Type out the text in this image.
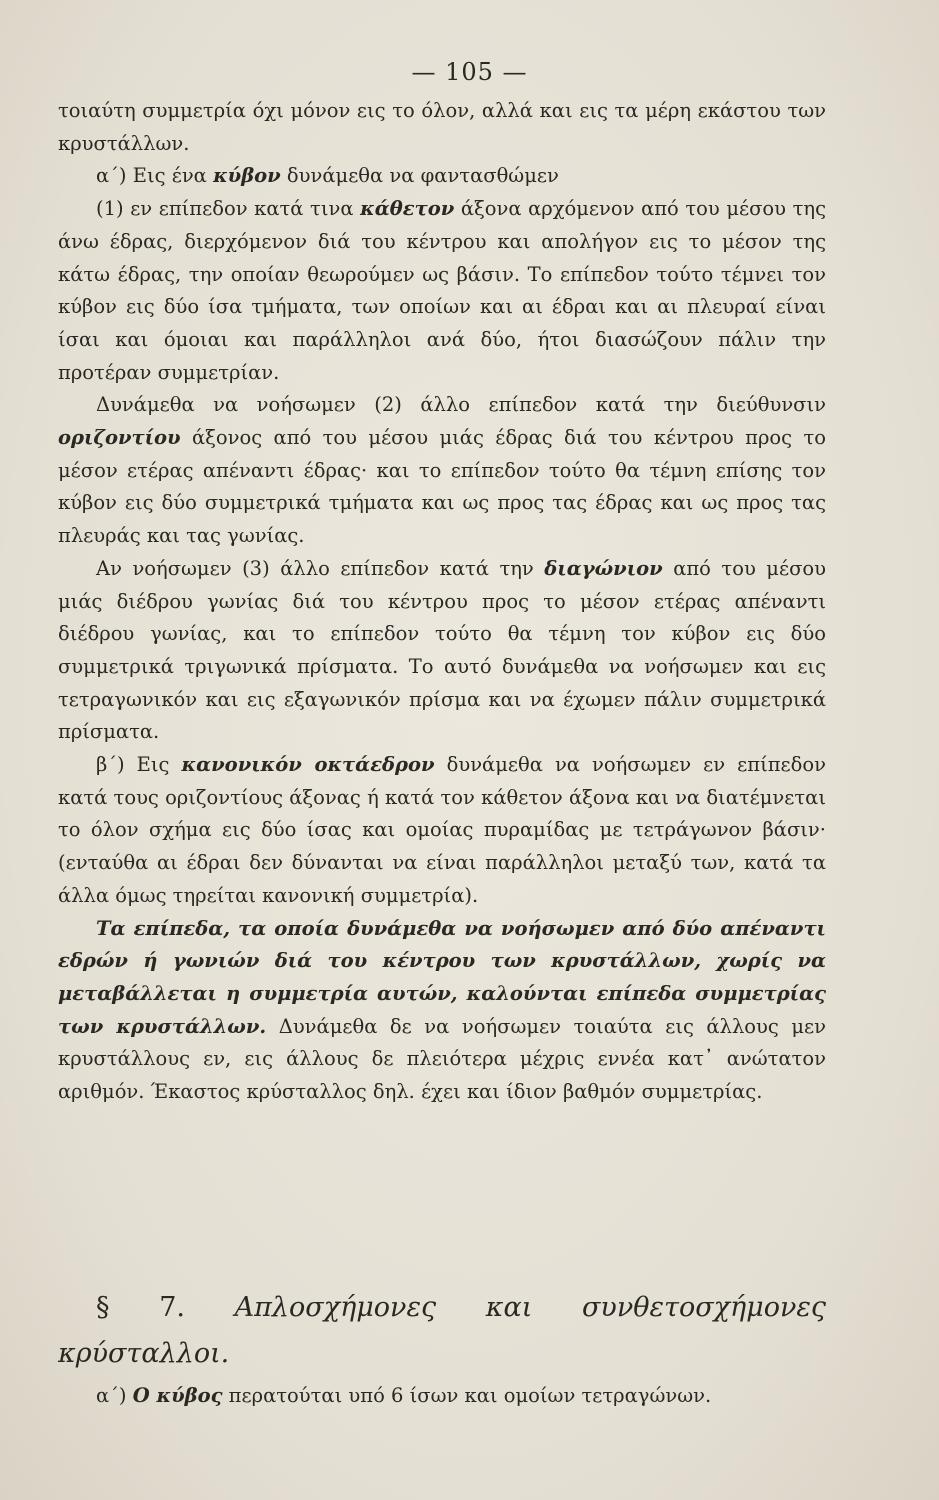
— 105 —

τοιαύτη συμμετρία όχι μόνον εις το όλον, αλλά και εις τα μέρη εκάστου των κρυστάλλων.

α΄) Εις ένα κύβον δυνάμεθα να φαντασθώμεν

(1) εν επίπεδον κατά τινα κάθετον άξονα αρχόμενον από του μέσου της άνω έδρας, διερχόμενον διά του κέντρου και απολήγον εις το μέσον της κάτω έδρας, την οποίαν θεωρούμεν ως βάσιν. Το επίπεδον τούτο τέμνει τον κύβον εις δύο ίσα τμήματα, των οποίων και αι έδραι και αι πλευραί είναι ίσαι και όμοιαι και παράλληλοι ανά δύο, ήτοι διασώζουν πάλιν την προτέραν συμμετρίαν.

Δυνάμεθα να νοήσωμεν (2) άλλο επίπεδον κατά την διεύθυνσιν οριζοντίου άξονος από του μέσου μιάς έδρας διά του κέντρου προς το μέσον ετέρας απέναντι έδρας· και το επίπεδον τούτο θα τέμνη επίσης τον κύβον εις δύο συμμετρικά τμήματα και ως προς τας έδρας και ως προς τας πλευράς και τας γωνίας.

Αν νοήσωμεν (3) άλλο επίπεδον κατά την διαγώνιον από του μέσου μιάς διέδρου γωνίας διά του κέντρου προς το μέσον ετέρας απέναντι διέδρου γωνίας, και το επίπεδον τούτο θα τέμνη τον κύβον εις δύο συμμετρικά τριγωνικά πρίσματα. Το αυτό δυνάμεθα να νοήσωμεν και εις τετραγωνικόν και εις εξαγωνικόν πρίσμα και να έχωμεν πάλιν συμμετρικά πρίσματα.

β΄) Εις κανονικόν οκτάεδρον δυνάμεθα να νοήσωμεν εν επίπεδον κατά τους οριζοντίους άξονας ή κατά τον κάθετον άξονα και να διατέμνεται το όλον σχήμα εις δύο ίσας και ομοίας πυραμίδας με τετράγωνον βάσιν· (ενταύθα αι έδραι δεν δύνανται να είναι παράλληλοι μεταξύ των, κατά τα άλλα όμως τηρείται κανονική συμμετρία).

Τα επίπεδα, τα οποία δυνάμεθα να νοήσωμεν από δύο απέναντι εδρών ή γωνιών διά του κέντρου των κρυστάλλων, χωρίς να μεταβάλλεται η συμμετρία αυτών, καλούνται επίπεδα συμμετρίας των κρυστάλλων. Δυνάμεθα δε να νοήσωμεν τοιαύτα εις άλλους μεν κρυστάλλους εν, εις άλλους δε πλειότερα μέχρις εννέα κατ᾽ ανώτατον αριθμόν. Έκαστος κρύσταλλος δηλ. έχει και ίδιον βαθμόν συμμετρίας.

§ 7. Απλοσχήμονες και συνθετοσχήμονες κρύσταλλοι.
α΄) Ο κύβος περατούται υπό 6 ίσων και ομοίων τετραγώνων.
